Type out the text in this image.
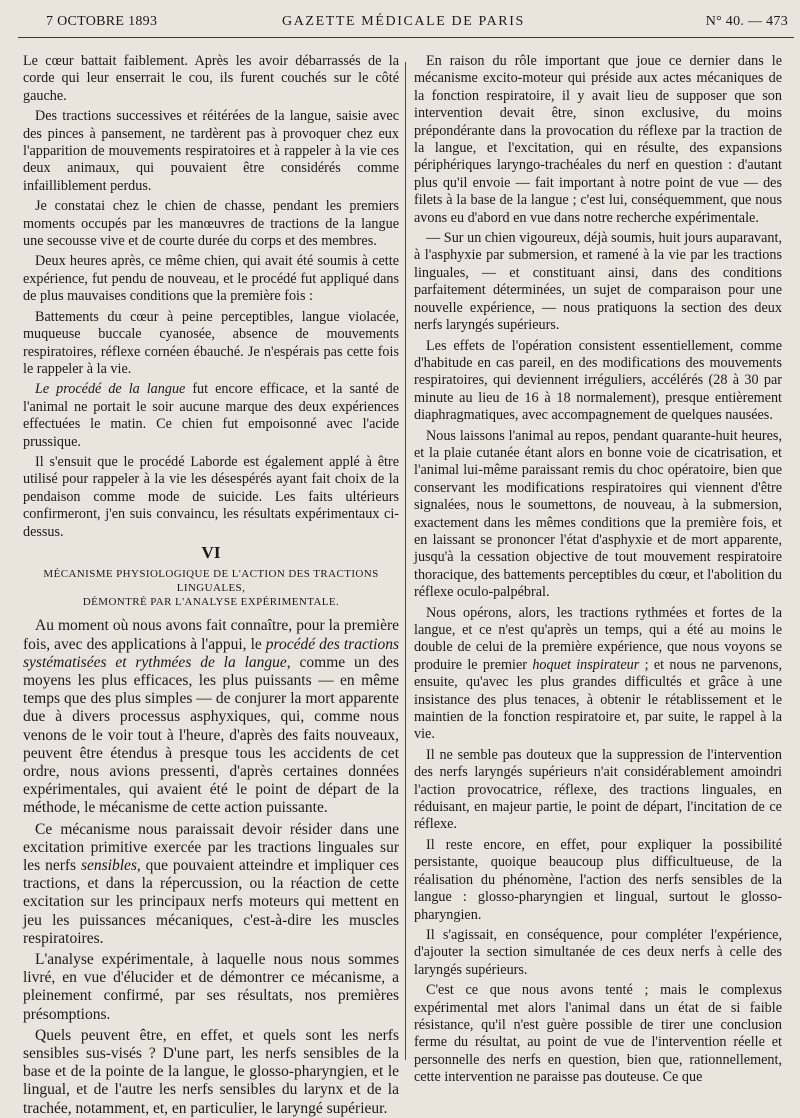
7 OCTOBRE 1893	GAZETTE MÉDICALE DE PARIS	N° 40. — 473

Le cœur battait faiblement. Après les avoir débarrassés de la corde qui leur enserrait le cou, ils furent couchés sur le côté gauche.

Des tractions successives et réitérées de la langue, saisie avec des pinces à pansement, ne tardèrent pas à provoquer chez eux l'apparition de mouvements respiratoires et à rappeler à la vie ces deux animaux, qui pouvaient être considérés comme infailliblement perdus.

Je constatai chez le chien de chasse, pendant les premiers moments occupés par les manœuvres de tractions de la langue une secousse vive et de courte durée du corps et des membres.

Deux heures après, ce même chien, qui avait été soumis à cette expérience, fut pendu de nouveau, et le procédé fut appliqué dans de plus mauvaises conditions que la première fois :

Battements du cœur à peine perceptibles, langue violacée, muqueuse buccale cyanosée, absence de mouvements respiratoires, réflexe cornéen ébauché. Je n'espérais pas cette fois le rappeler à la vie.

Le procédé de la langue fut encore efficace, et la santé de l'animal ne portait le soir aucune marque des deux expériences effectuées le matin. Ce chien fut empoisonné avec l'acide prussique.

Il s'ensuit que le procédé Laborde est également applé à être utilisé pour rappeler à la vie les désespérés ayant fait choix de la pendaison comme mode de suicide. Les faits ultérieurs confirmeront, j'en suis convaincu, les résultats expérimentaux ci-dessus.

VI
MÉCANISME PHYSIOLOGIQUE DE L'ACTION DES TRACTIONS LINGUALES,
DÉMONTRÉ PAR L'ANALYSE EXPÉRIMENTALE.

Au moment où nous avons fait connaître, pour la première fois, avec des applications à l'appui, le procédé des tractions systématisées et rythmées de la langue, comme un des moyens les plus efficaces, les plus puissants — en même temps que des plus simples — de conjurer la mort apparente due à divers processus asphyxiques, qui, comme nous venons de le voir tout à l'heure, d'après des faits nouveaux, peuvent être étendus à presque tous les accidents de cet ordre, nous avions pressenti, d'après certaines données expérimentales, qui avaient été le point de départ de la méthode, le mécanisme de cette action puissante.

Ce mécanisme nous paraissait devoir résider dans une excitation primitive exercée par les tractions linguales sur les nerfs sensibles, que pouvaient atteindre et impliquer ces tractions, et dans la répercussion, ou la réaction de cette excitation sur les principaux nerfs moteurs qui mettent en jeu les puissances mécaniques, c'est-à-dire les muscles respiratoires.

L'analyse expérimentale, à laquelle nous nous sommes livré, en vue d'élucider et de démontrer ce mécanisme, a pleinement confirmé, par ses résultats, nos premières présomptions.

Quels peuvent être, en effet, et quels sont les nerfs sensibles sus-visés ? D'une part, les nerfs sensibles de la base et de la pointe de la langue, le glosso-pharyngien, et le lingual, et de l'autre les nerfs sensibles du larynx et de la trachée, notamment, et, en particulier, le laryngé supérieur.

En raison du rôle important que joue ce dernier dans le mécanisme excito-moteur qui préside aux actes mécaniques de la fonction respiratoire, il y avait lieu de supposer que son intervention devait être, sinon exclusive, du moins prépondérante dans la provocation du réflexe par la traction de la langue, et l'excitation, qui en résulte, des expansions périphériques laryngo-trachéales du nerf en question : d'autant plus qu'il envoie — fait important à notre point de vue — des filets à la base de la langue ; c'est lui, conséquemment, que nous avons eu d'abord en vue dans notre recherche expérimentale.

— Sur un chien vigoureux, déjà soumis, huit jours auparavant, à l'asphyxie par submersion, et ramené à la vie par les tractions linguales, — et constituant ainsi, dans des conditions parfaitement déterminées, un sujet de comparaison pour une nouvelle expérience, — nous pratiquons la section des deux nerfs laryngés supérieurs.

Les effets de l'opération consistent essentiellement, comme d'habitude en cas pareil, en des modifications des mouvements respiratoires, qui deviennent irréguliers, accélérés (28 à 30 par minute au lieu de 16 à 18 normalement), presque entièrement diaphragmatiques, avec accompagnement de quelques nausées.

Nous laissons l'animal au repos, pendant quarante-huit heures, et la plaie cutanée étant alors en bonne voie de cicatrisation, et l'animal lui-même paraissant remis du choc opératoire, bien que conservant les modifications respiratoires qui viennent d'être signalées, nous le soumettons, de nouveau, à la submersion, exactement dans les mêmes conditions que la première fois, et en laissant se prononcer l'état d'asphyxie et de mort apparente, jusqu'à la cessation objective de tout mouvement respiratoire thoracique, des battements perceptibles du cœur, et l'abolition du réflexe oculo-palpébral.

Nous opérons, alors, les tractions rythmées et fortes de la langue, et ce n'est qu'après un temps, qui a été au moins le double de celui de la première expérience, que nous voyons se produire le premier hoquet inspirateur ; et nous ne parvenons, ensuite, qu'avec les plus grandes difficultés et grâce à une insistance des plus tenaces, à obtenir le rétablissement et le maintien de la fonction respiratoire et, par suite, le rappel à la vie.

Il ne semble pas douteux que la suppression de l'intervention des nerfs laryngés supérieurs n'ait considérablement amoindri l'action provocatrice, réflexe, des tractions linguales, en réduisant, en majeur partie, le point de départ, l'incitation de ce réflexe.

Il reste encore, en effet, pour expliquer la possibilité persistante, quoique beaucoup plus difficultueuse, de la réalisation du phénomène, l'action des nerfs sensibles de la langue : glosso-pharyngien et lingual, surtout le glosso-pharyngien.

Il s'agissait, en conséquence, pour compléter l'expérience, d'ajouter la section simultanée de ces deux nerfs à celle des laryngés supérieurs.

C'est ce que nous avons tenté ; mais le complexus expérimental met alors l'animal dans un état de si faible résistance, qu'il n'est guère possible de tirer une conclusion ferme du résultat, au point de vue de l'intervention réelle et personnelle des nerfs en question, bien que, rationnellement, cette intervention ne paraisse pas douteuse. Ce que
